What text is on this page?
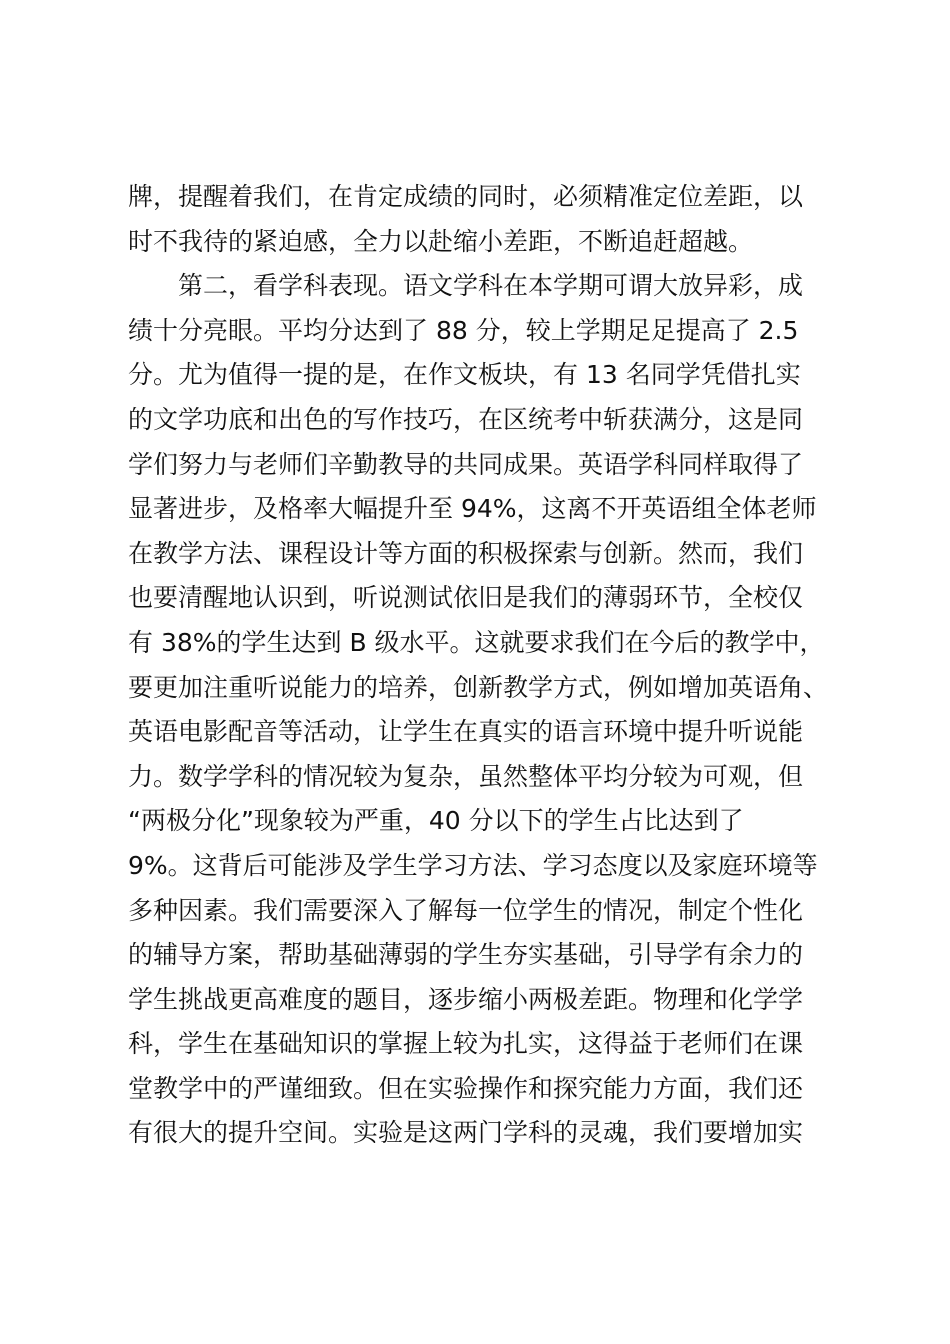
牌，提醒着我们，在肯定成绩的同时，必须精准定位差距，以
时不我待的紧迫感，全力以赴缩小差距，不断追赶超越。
第二，看学科表现。语文学科在本学期可谓大放异彩，成
绩十分亮眼。平均分达到了 88 分，较上学期足足提高了 2.5
分。尤为值得一提的是，在作文板块，有 13 名同学凭借扎实
的文学功底和出色的写作技巧，在区统考中斩获满分，这是同
学们努力与老师们辛勤教导的共同成果。英语学科同样取得了
显著进步，及格率大幅提升至 94%，这离不开英语组全体老师
在教学方法、课程设计等方面的积极探索与创新。然而，我们
也要清醒地认识到，听说测试依旧是我们的薄弱环节，全校仅
有 38%的学生达到 B 级水平。这就要求我们在今后的教学中，
要更加注重听说能力的培养，创新教学方式，例如增加英语角、
英语电影配音等活动，让学生在真实的语言环境中提升听说能
力。数学学科的情况较为复杂，虽然整体平均分较为可观，但
“两极分化”现象较为严重，40 分以下的学生占比达到了
9%。这背后可能涉及学生学习方法、学习态度以及家庭环境等
多种因素。我们需要深入了解每一位学生的情况，制定个性化
的辅导方案，帮助基础薄弱的学生夯实基础，引导学有余力的
学生挑战更高难度的题目，逐步缩小两极差距。物理和化学学
科，学生在基础知识的掌握上较为扎实，这得益于老师们在课
堂教学中的严谨细致。但在实验操作和探究能力方面，我们还
有很大的提升空间。实验是这两门学科的灵魂，我们要增加实
